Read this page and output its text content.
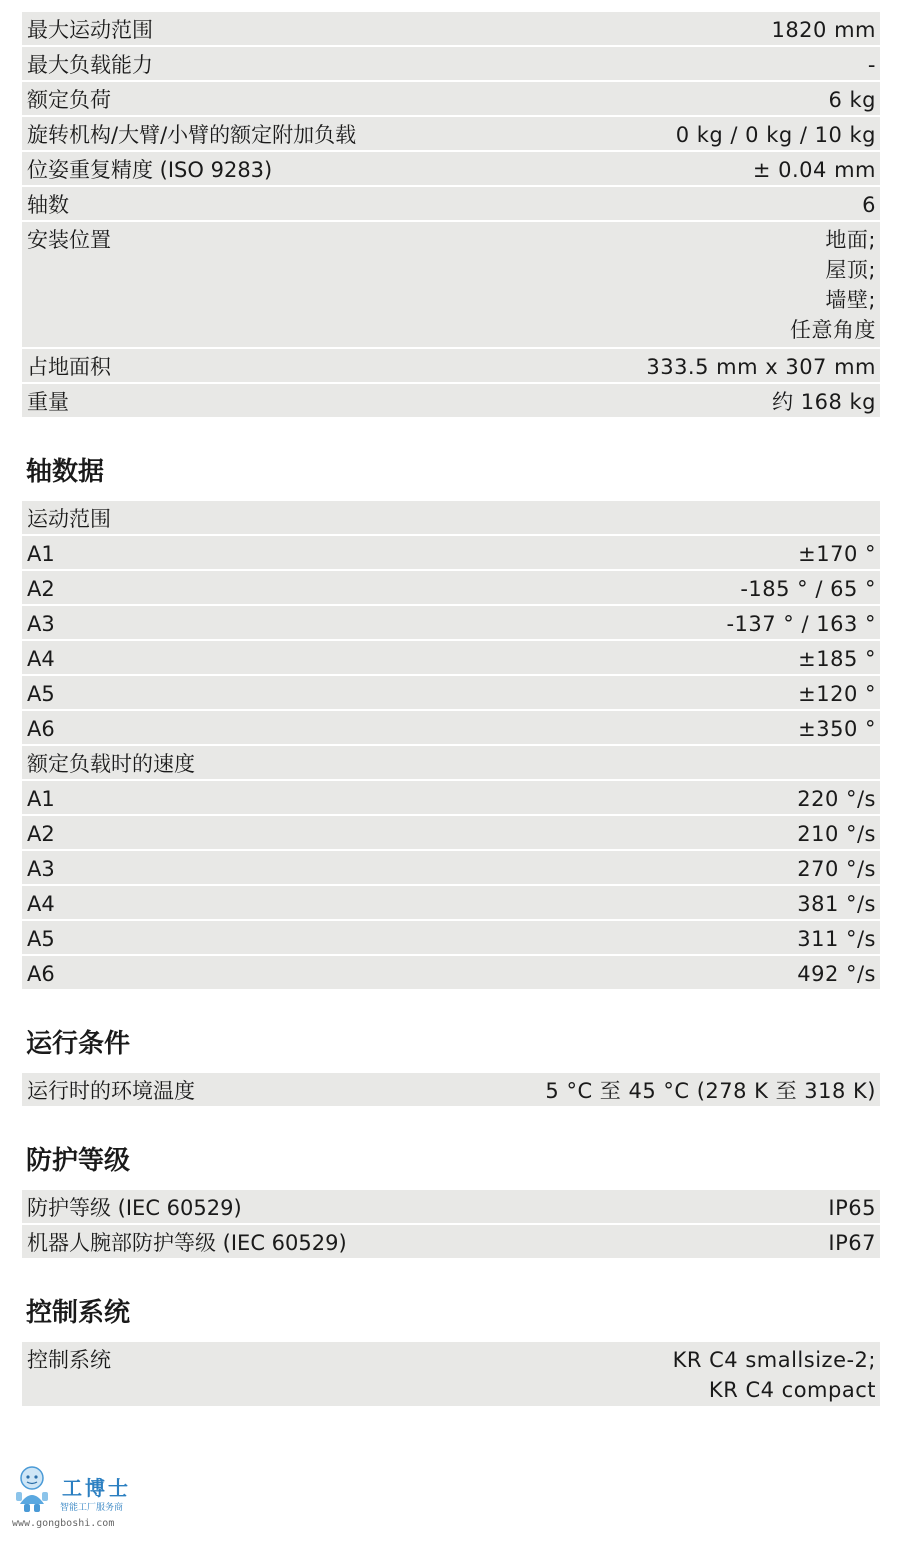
最大运动范围	1820 mm
最大负载能力	-
额定负荷	6 kg
旋转机构/大臂/小臂的额定附加负载	0 kg / 0 kg / 10 kg
位姿重复精度 (ISO 9283)	± 0.04 mm
轴数	6
安装位置	地面;
屋顶;
墙壁;
任意角度
占地面积	333.5 mm x 307 mm
重量	约 168 kg
轴数据
运动范围
A1	±170 °
A2	-185 ° / 65 °
A3	-137 ° / 163 °
A4	±185 °
A5	±120 °
A6	±350 °
额定负载时的速度
A1	220 °/s
A2	210 °/s
A3	270 °/s
A4	381 °/s
A5	311 °/s
A6	492 °/s
运行条件
运行时的环境温度	5 °C 至 45 °C (278 K 至 318 K)
防护等级
防护等级 (IEC 60529)	IP65
机器人腕部防护等级 (IEC 60529)	IP67
控制系统
控制系统	KR C4 smallsize-2;
KR C4 compact
工博士
智能工厂服务商
www.gongboshi.com
